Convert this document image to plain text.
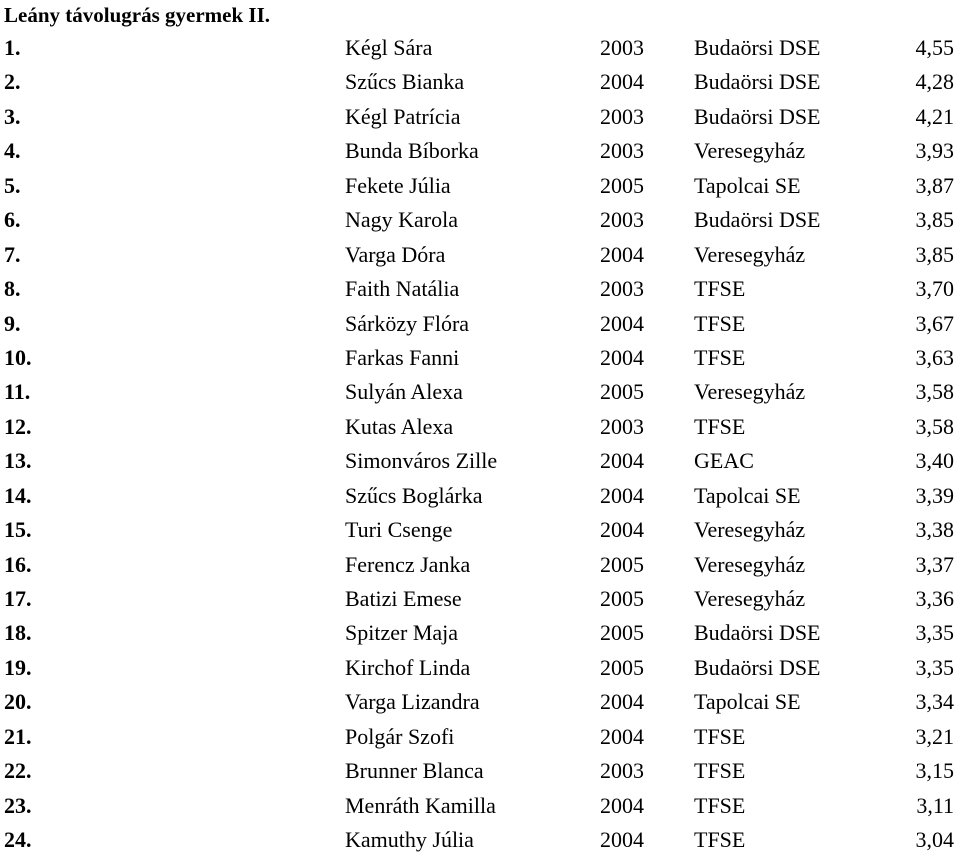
Leány távolugrás gyermek II.
1.	Kégl Sára	2003 Budaörsi DSE	4,55
2.	Szűcs Bianka	2004 Budaörsi DSE	4,28
3.	Kégl Patrícia	2003 Budaörsi DSE	4,21
4.	Bunda Bíborka	2003 Veresegyház	3,93
5.	Fekete Júlia	2005 Tapolcai SE	3,87
6.	Nagy Karola	2003 Budaörsi DSE	3,85
7.	Varga Dóra	2004 Veresegyház	3,85
8.	Faith Natália	2003 TFSE	3,70
9.	Sárközy Flóra	2004 TFSE	3,67
10.	Farkas Fanni	2004 TFSE	3,63
11.	Sulyán Alexa	2005 Veresegyház	3,58
12.	Kutas Alexa	2003 TFSE	3,58
13.	Simonváros Zille	2004 GEAC	3,40
14.	Szűcs Boglárka	2004 Tapolcai SE	3,39
15.	Turi Csenge	2004 Veresegyház	3,38
16.	Ferencz Janka	2005 Veresegyház	3,37
17.	Batizi Emese	2005 Veresegyház	3,36
18.	Spitzer Maja	2005 Budaörsi DSE	3,35
19.	Kirchof Linda	2005 Budaörsi DSE	3,35
20.	Varga Lizandra	2004 Tapolcai SE	3,34
21.	Polgár Szofi	2004 TFSE	3,21
22.	Brunner Blanca	2003 TFSE	3,15
23.	Menráth Kamilla	2004 TFSE	3,11
24.	Kamuthy Júlia	2004 TFSE	3,04
